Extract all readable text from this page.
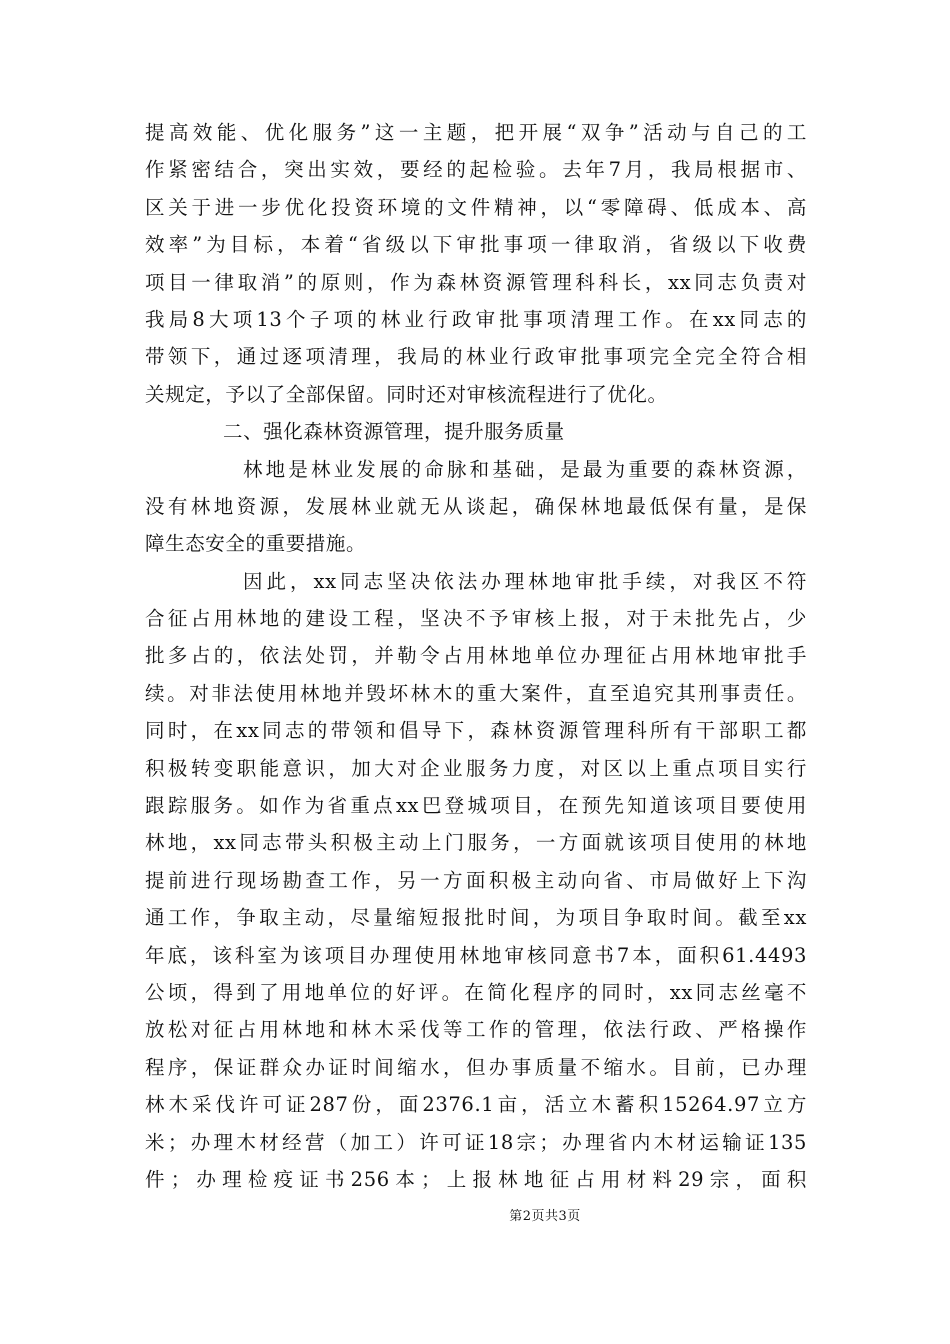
提高效能、优化服务”这一主题，把开展“双争”活动与自己的工
作紧密结合，突出实效，要经的起检验。去年7月，我局根据市、
区关于进一步优化投资环境的文件精神，以“零障碍、低成本、高
效率”为目标，本着“省级以下审批事项一律取消，省级以下收费
项目一律取消”的原则，作为森林资源管理科科长，xx同志负责对
我局8大项13个子项的林业行政审批事项清理工作。在xx同志的
带领下，通过逐项清理，我局的林业行政审批事项完全完全符合相
关规定，予以了全部保留。同时还对审核流程进行了优化。
二、强化森林资源管理，提升服务质量
林地是林业发展的命脉和基础，是最为重要的森林资源，
没有林地资源，发展林业就无从谈起，确保林地最低保有量，是保
障生态安全的重要措施。
因此，xx同志坚决依法办理林地审批手续，对我区不符
合征占用林地的建设工程，坚决不予审核上报，对于未批先占，少
批多占的，依法处罚，并勒令占用林地单位办理征占用林地审批手
续。对非法使用林地并毁坏林木的重大案件，直至追究其刑事责任。
同时，在xx同志的带领和倡导下，森林资源管理科所有干部职工都
积极转变职能意识，加大对企业服务力度，对区以上重点项目实行
跟踪服务。如作为省重点xx巴登城项目，在预先知道该项目要使用
林地，xx同志带头积极主动上门服务，一方面就该项目使用的林地
提前进行现场勘查工作，另一方面积极主动向省、市局做好上下沟
通工作，争取主动，尽量缩短报批时间，为项目争取时间。截至xx
年底，该科室为该项目办理使用林地审核同意书7本，面积61.4493
公顷，得到了用地单位的好评。在简化程序的同时，xx同志丝毫不
放松对征占用林地和林木采伐等工作的管理，依法行政、严格操作
程序，保证群众办证时间缩水，但办事质量不缩水。目前，已办理
林木采伐许可证287份，面2376.1亩，活立木蓄积15264.97立方
米；办理木材经营（加工）许可证18宗；办理省内木材运输证135
件；办理检疫证书256本；上报林地征占用材料29宗，面积
第2页共3页
